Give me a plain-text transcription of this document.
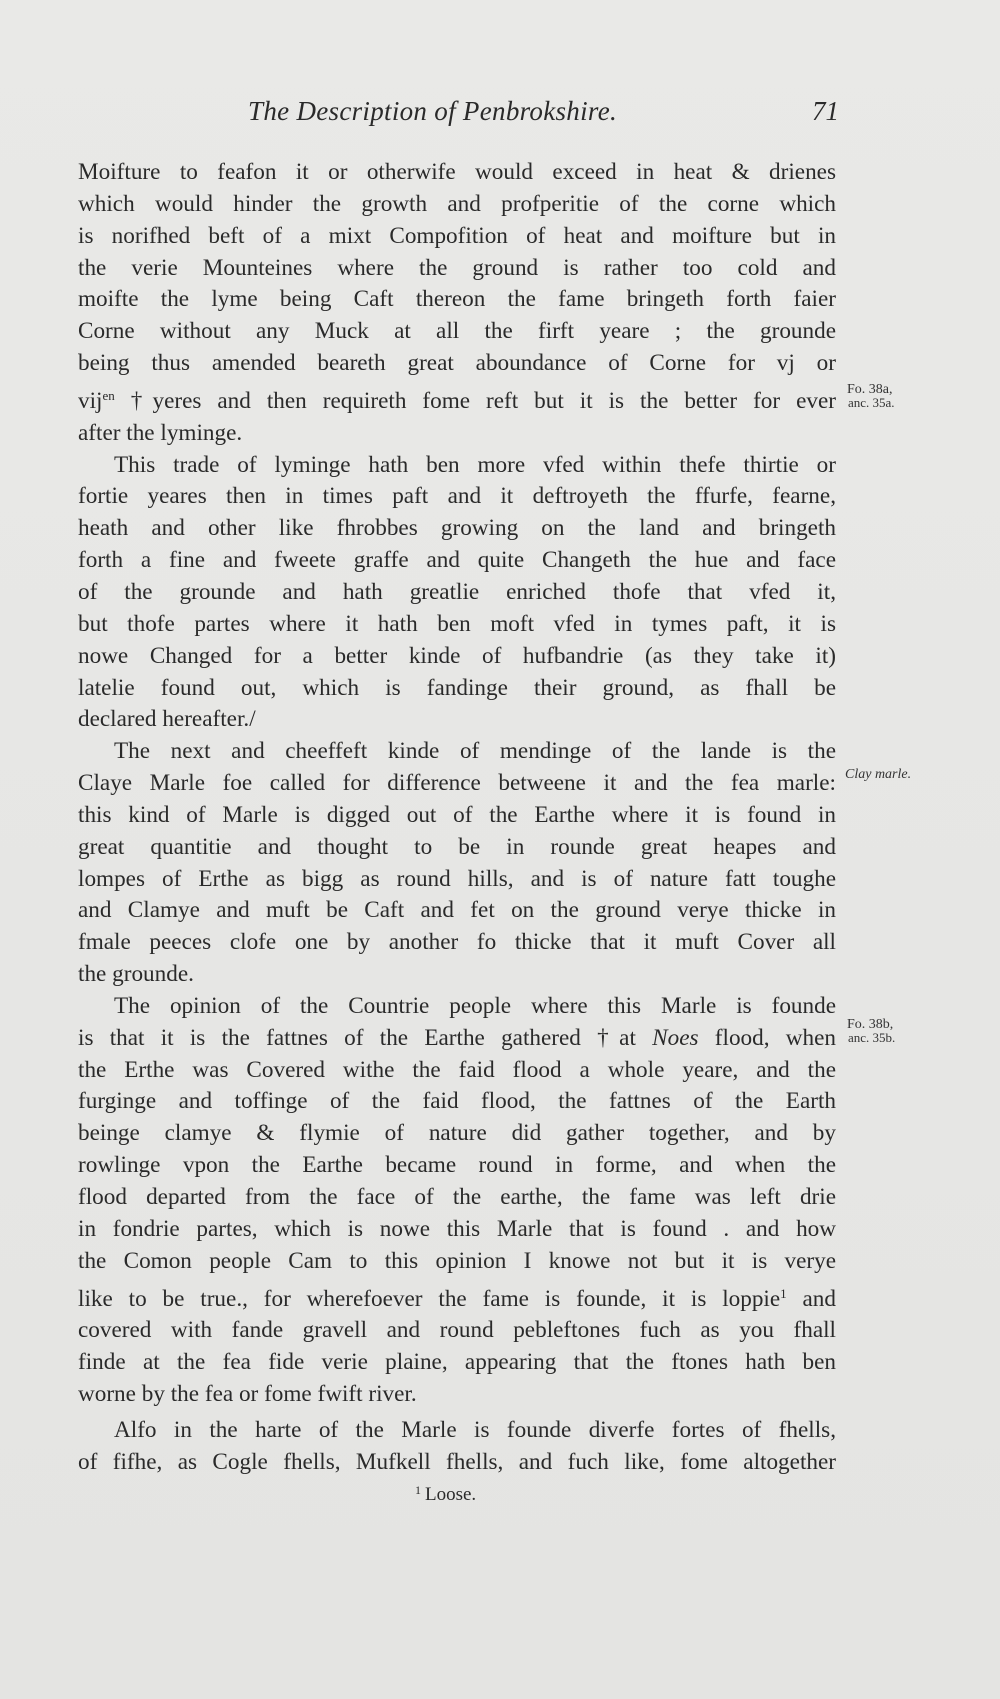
The Description of Penbrokshire.	71

Moifture to feafon it or otherwife would exceed in heat & drienes
which would hinder the growth and profperitie of the corne which
is norifhed beft of a mixt Compofition of heat and moifture but in
the verie Mounteines where the ground is rather too cold and
moifte the lyme being Caft thereon the fame bringeth forth faier
Corne without any Muck at all the firft yeare ; the grounde
being thus amended beareth great aboundance of Corne for vj or
vij$^{en}$ †yeres and then requireth fome reft but it is the better for ever
after the lyminge.

This trade of lyminge hath ben more vfed within thefe thirtie or
fortie yeares then in times paft and it deftroyeth the ffurfe, fearne,
heath and other like fhrobbes growing on the land and bringeth
forth a fine and fweete graffe and quite Changeth the hue and face
of the grounde and hath greatlie enriched thofe that vfed it,
but thofe partes where it hath ben moft vfed in tymes paft, it is
nowe Changed for a better kinde of hufbandrie (as they take it)
latelie found out, which is fandinge their ground, as fhall be
declared hereafter./

The next and cheeffeft kinde of mendinge of the lande is the
Claye Marle foe called for difference betweene it and the fea marle:
this kind of Marle is digged out of the Earthe where it is found in
great quantitie and thought to be in rounde great heapes and
lompes of Erthe as bigg as round hills, and is of nature fatt toughe
and Clamye and muft be Caft and fet on the ground verye thicke in
fmale peeces clofe one by another fo thicke that it muft Cover all
the grounde.

The opinion of the Countrie people where this Marle is founde
is that it is the fattnes of the Earthe gathered †at Noes flood, when
the Erthe was Covered withe the faid flood a whole yeare, and the
furginge and toffinge of the faid flood, the fattnes of the Earth
beinge clamye & flymie of nature did gather together, and by
rowlinge vpon the Earthe became round in forme, and when the
flood departed from the face of the earthe, the fame was left drie
in fondrie partes, which is nowe this Marle that is found . and how
the Comon people Cam to this opinion I knowe not but it is verye
like to be true., for wherefoever the fame is founde, it is loppie$^1$ and
covered with fande gravell and round pebleftones fuch as you fhall
finde at the fea fide verie plaine, appearing that the ftones hath ben
worne by the fea or fome fwift river.

Alfo in the harte of the Marle is founde diverfe fortes of fhells,
of fifhe, as Cogle fhells, Mufkell fhells, and fuch like, fome altogether

Fo. 38a,
anc. 35a.
Clay marle.
Fo. 38b,
anc. 35b.
$^1$ Loose.
